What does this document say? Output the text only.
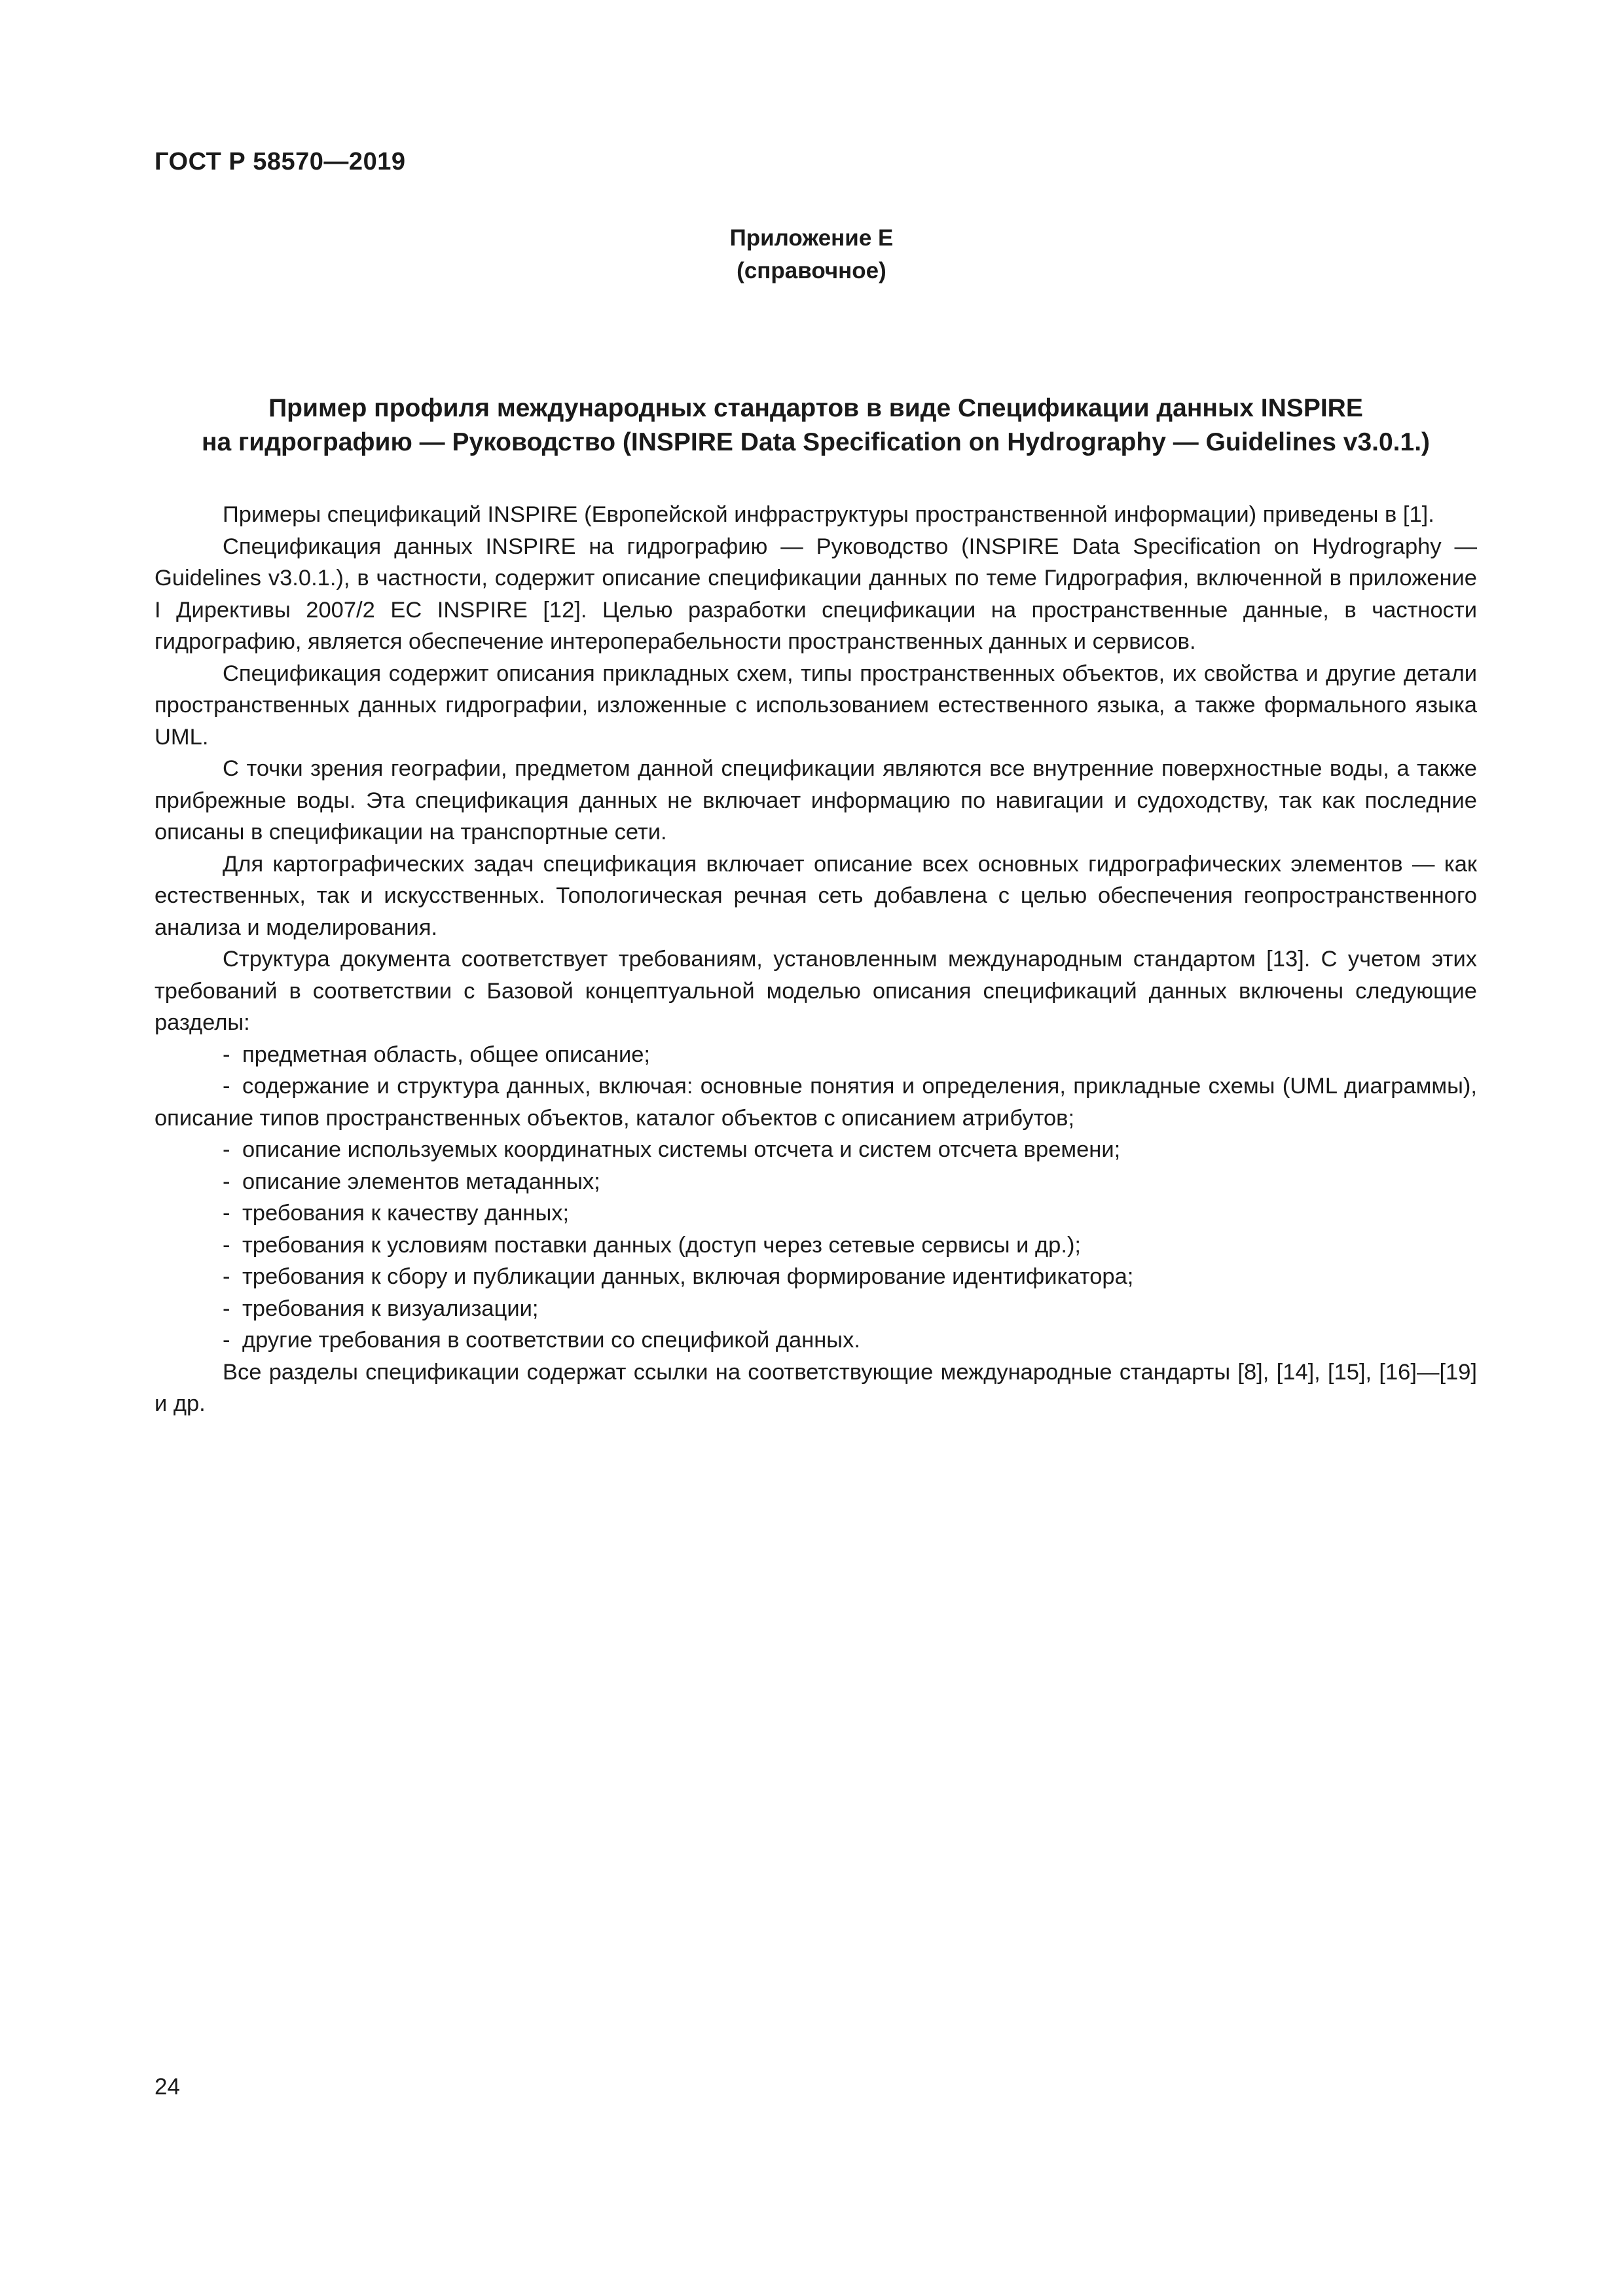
ГОСТ Р 58570—2019
Приложение Е
(справочное)
Пример профиля международных стандартов в виде Спецификации данных INSPIRE
на гидрографию — Руководство (INSPIRE Data Specification on Hydrography — Guidelines v3.0.1.)

Примеры спецификаций INSPIRE (Европейской инфраструктуры пространственной информации) приведены в [1].

Спецификация данных INSPIRE на гидрографию — Руководство (INSPIRE Data Specification on Hydrography — Guidelines v3.0.1.), в частности, содержит описание спецификации данных по теме Гидрография, включенной в приложение I Директивы 2007/2 EC INSPIRE [12]. Целью разработки спецификации на пространственные данные, в частности гидрографию, является обеспечение интероперабельности пространственных данных и сервисов.

Спецификация содержит описания прикладных схем, типы пространственных объектов, их свойства и другие детали пространственных данных гидрографии, изложенные с использованием естественного языка, а также формального языка UML.

С точки зрения географии, предметом данной спецификации являются все внутренние поверхностные воды, а также прибрежные воды. Эта спецификация данных не включает информацию по навигации и судоходству, так как последние описаны в спецификации на транспортные сети.

Для картографических задач спецификация включает описание всех основных гидрографических элементов — как естественных, так и искусственных. Топологическая речная сеть добавлена с целью обеспечения геопространственного анализа и моделирования.

Структура документа соответствует требованиям, установленным международным стандартом [13]. С учетом этих требований в соответствии с Базовой концептуальной моделью описания спецификаций данных включены следующие разделы:

- предметная область, общее описание;
- содержание и структура данных, включая: основные понятия и определения, прикладные схемы (UML диаграммы), описание типов пространственных объектов, каталог объектов с описанием атрибутов;
- описание используемых координатных системы отсчета и систем отсчета времени;
- описание элементов метаданных;
- требования к качеству данных;
- требования к условиям поставки данных (доступ через сетевые сервисы и др.);
- требования к сбору и публикации данных, включая формирование идентификатора;
- требования к визуализации;
- другие требования в соответствии со спецификой данных.

Все разделы спецификации содержат ссылки на соответствующие международные стандарты [8], [14], [15], [16]—[19] и др.

24
